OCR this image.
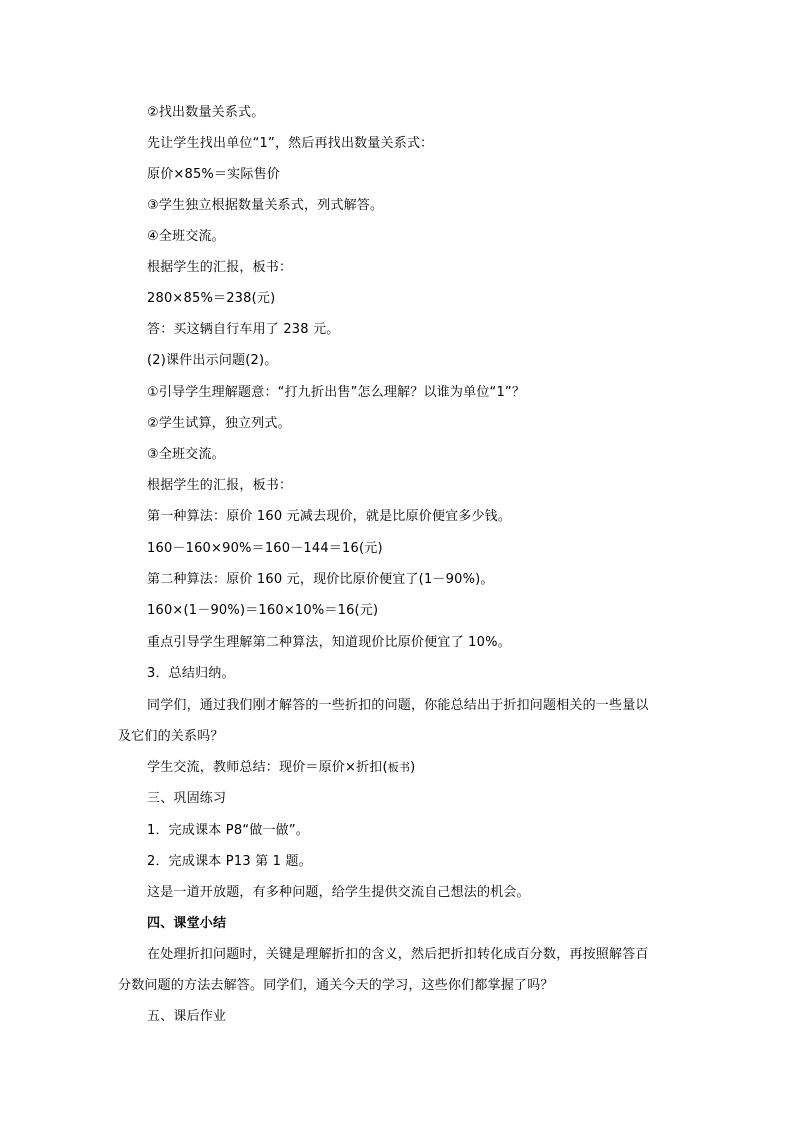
②找出数量关系式。
先让学生找出单位“1”，然后再找出数量关系式：
原价×85%＝实际售价
③学生独立根据数量关系式，列式解答。
④全班交流。
根据学生的汇报，板书：
280×85%＝238(元)
答：买这辆自行车用了 238 元。
(2)课件出示问题(2)。
①引导学生理解题意：“打九折出售”怎么理解？以谁为单位“1”？
②学生试算，独立列式。
③全班交流。
根据学生的汇报，板书：
第一种算法：原价 160 元减去现价，就是比原价便宜多少钱。
160－160×90%＝160－144＝16(元)
第二种算法：原价 160 元，现价比原价便宜了(1－90%)。
160×(1－90%)＝160×10%＝16(元)
重点引导学生理解第二种算法，知道现价比原价便宜了 10%。
3．总结归纳。
同学们，通过我们刚才解答的一些折扣的问题，你能总结出于折扣问题相关的一些量以
及它们的关系吗？
学生交流，教师总结：现价＝原价×折扣(板书)
三、巩固练习
1．完成课本 P8“做一做”。
2．完成课本 P13 第 1 题。
这是一道开放题，有多种问题，给学生提供交流自己想法的机会。
四、课堂小结
在处理折扣问题时，关键是理解折扣的含义，然后把折扣转化成百分数，再按照解答百
分数问题的方法去解答。同学们，通关今天的学习，这些你们都掌握了吗？
五、课后作业
